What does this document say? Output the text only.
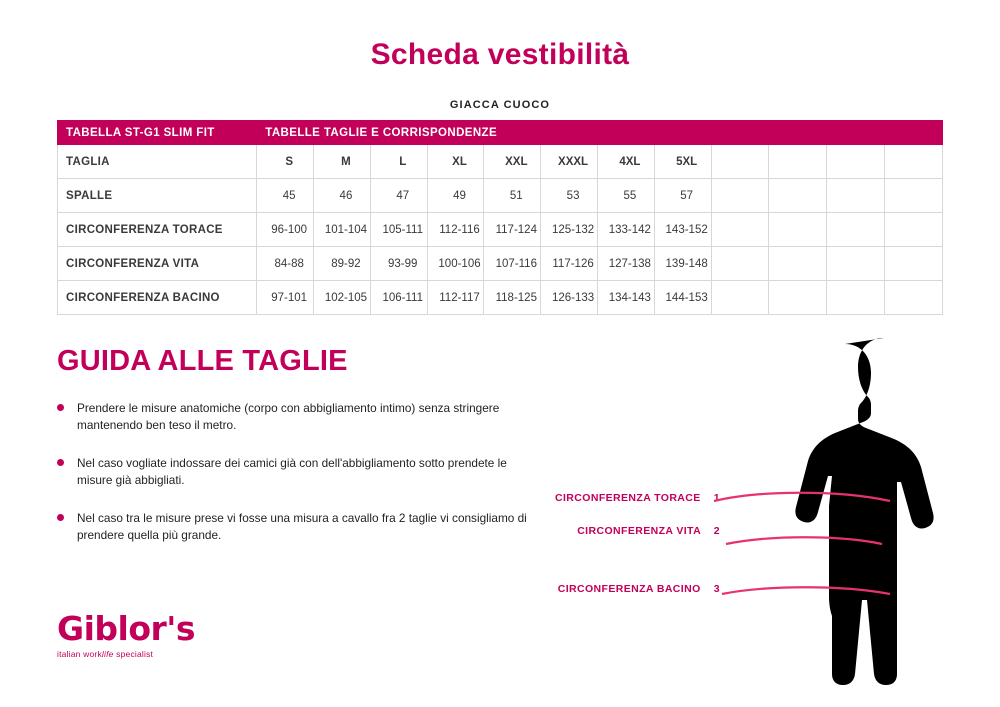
Scheda vestibilità
GIACCA CUOCO
TABELLA ST-G1 SLIM FIT	TABELLE TAGLIE E CORRISPONDENZE											
TAGLIA	S	M	L	XL	XXL	XXXL	4XL	5XL				
SPALLE	45	46	47	49	51	53	55	57				
CIRCONFERENZA TORACE	96-100	101-104	105-111	112-116	117-124	125-132	133-142	143-152				
CIRCONFERENZA VITA	84-88	89-92	93-99	100-106	107-116	117-126	127-138	139-148				
CIRCONFERENZA BACINO	97-101	102-105	106-111	112-117	118-125	126-133	134-143	144-153				
GUIDA ALLE TAGLIE
Prendere le misure anatomiche (corpo con abbigliamento intimo) senza stringere mantenendo ben teso il metro.
Nel caso vogliate indossare dei camici già con dell'abbigliamento sotto prendete le misure già abbigliati.
Nel caso tra le misure prese vi fosse una misura a cavallo fra 2 taglie vi consigliamo di prendere quella più grande.
CIRCONFERENZA TORACE 1
CIRCONFERENZA VITA 2
CIRCONFERENZA BACINO 3
Giblor's
italian worklife specialist
